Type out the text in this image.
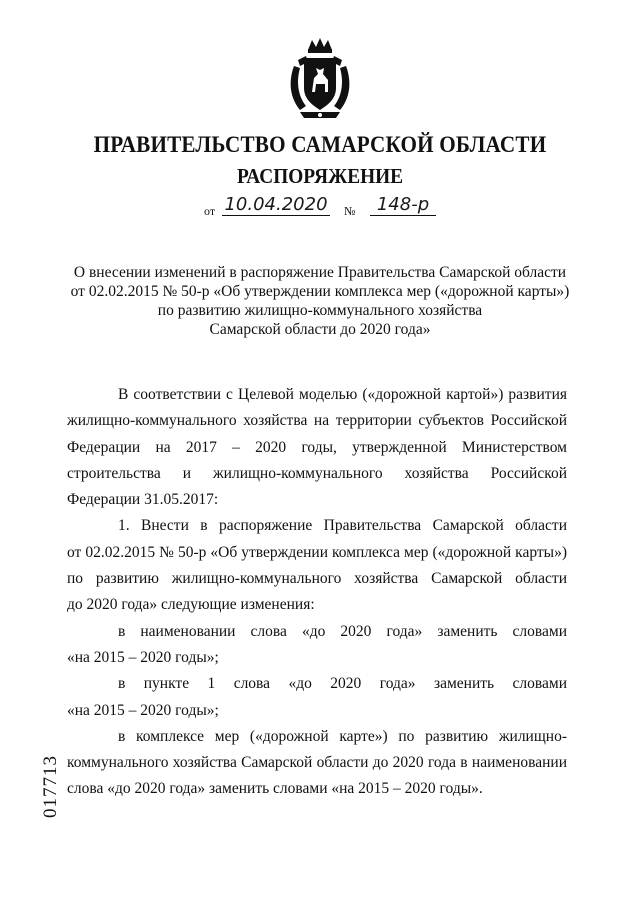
ПРАВИТЕЛЬСТВО САМАРСКОЙ ОБЛАСТИ
РАСПОРЯЖЕНИЕ
от 10.04.2020 №	148-р
О внесении изменений в распоряжение Правительства Самарской области
от 02.02.2015 № 50-р «Об утверждении комплекса мер («дорожной карты»)
по развитию жилищно-коммунального хозяйства
Самарской области до 2020 года»

В соответствии с Целевой моделью («дорожной картой») развития
жилищно-коммунального хозяйства на территории субъектов Российской
Федерации на 2017 – 2020 годы, утвержденной Министерством
строительства и жилищно-коммунального хозяйства Российской
Федерации 31.05.2017:

1. Внести в распоряжение Правительства Самарской области
от 02.02.2015 № 50-р «Об утверждении комплекса мер («дорожной карты»)
по развитию жилищно-коммунального хозяйства Самарской области
до 2020 года» следующие изменения:

в наименовании слова «до 2020 года» заменить словами
«на 2015 – 2020 годы»;

в пункте 1 слова «до 2020 года» заменить словами
«на 2015 – 2020 годы»;

в комплексе мер («дорожной карте») по развитию жилищно-
коммунального хозяйства Самарской области до 2020 года в наименовании
слова «до 2020 года» заменить словами «на 2015 – 2020 годы».

017713
